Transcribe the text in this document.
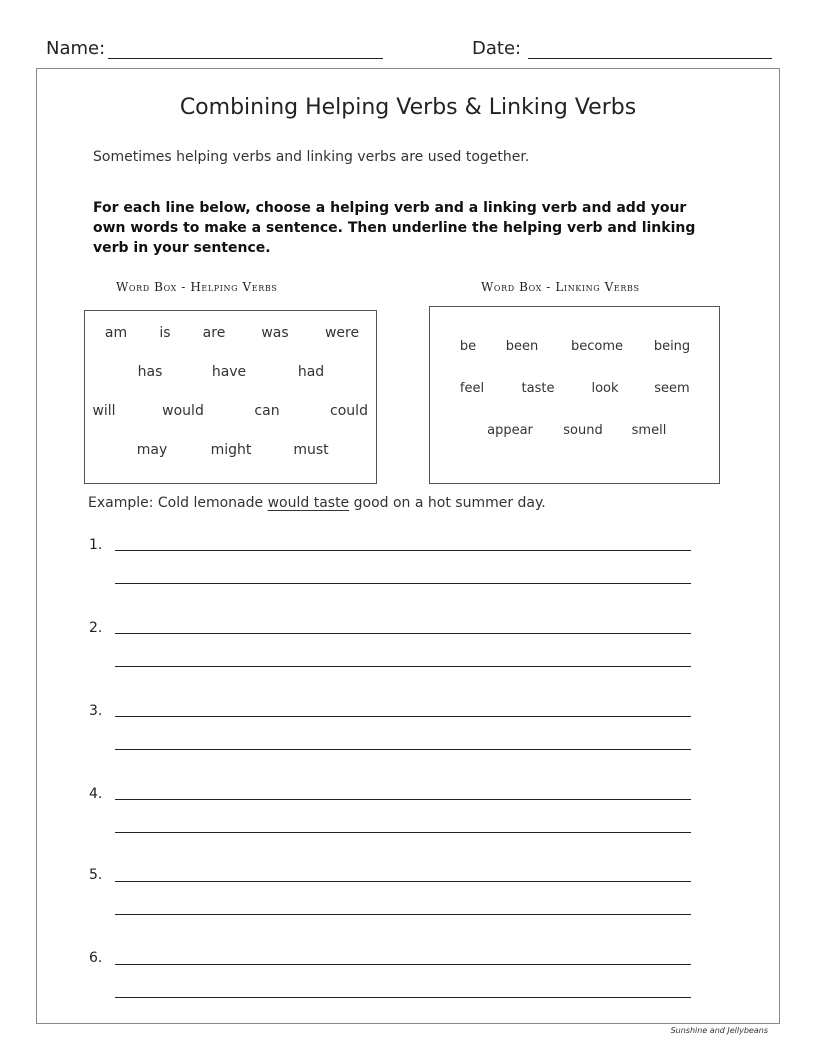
Name:	Date:
Combining Helping Verbs & Linking Verbs
Sometimes helping verbs and linking verbs are used together.
For each line below, choose a helping verb and a linking verb and add your own words to make a sentence. Then underline the helping verb and linking verb in your sentence.
Word Box - Helping Verbs
am is are	was	were
has	have	had
will	would	can	could
may	might	must
Word Box - Linking Verbs
be been	become being
feel	taste	look	seem
appear sound smell
Example: Cold lemonade would taste good on a hot summer day.
1.
2.
3.
4.
5.
6.
Sunshine and Jellybeans
